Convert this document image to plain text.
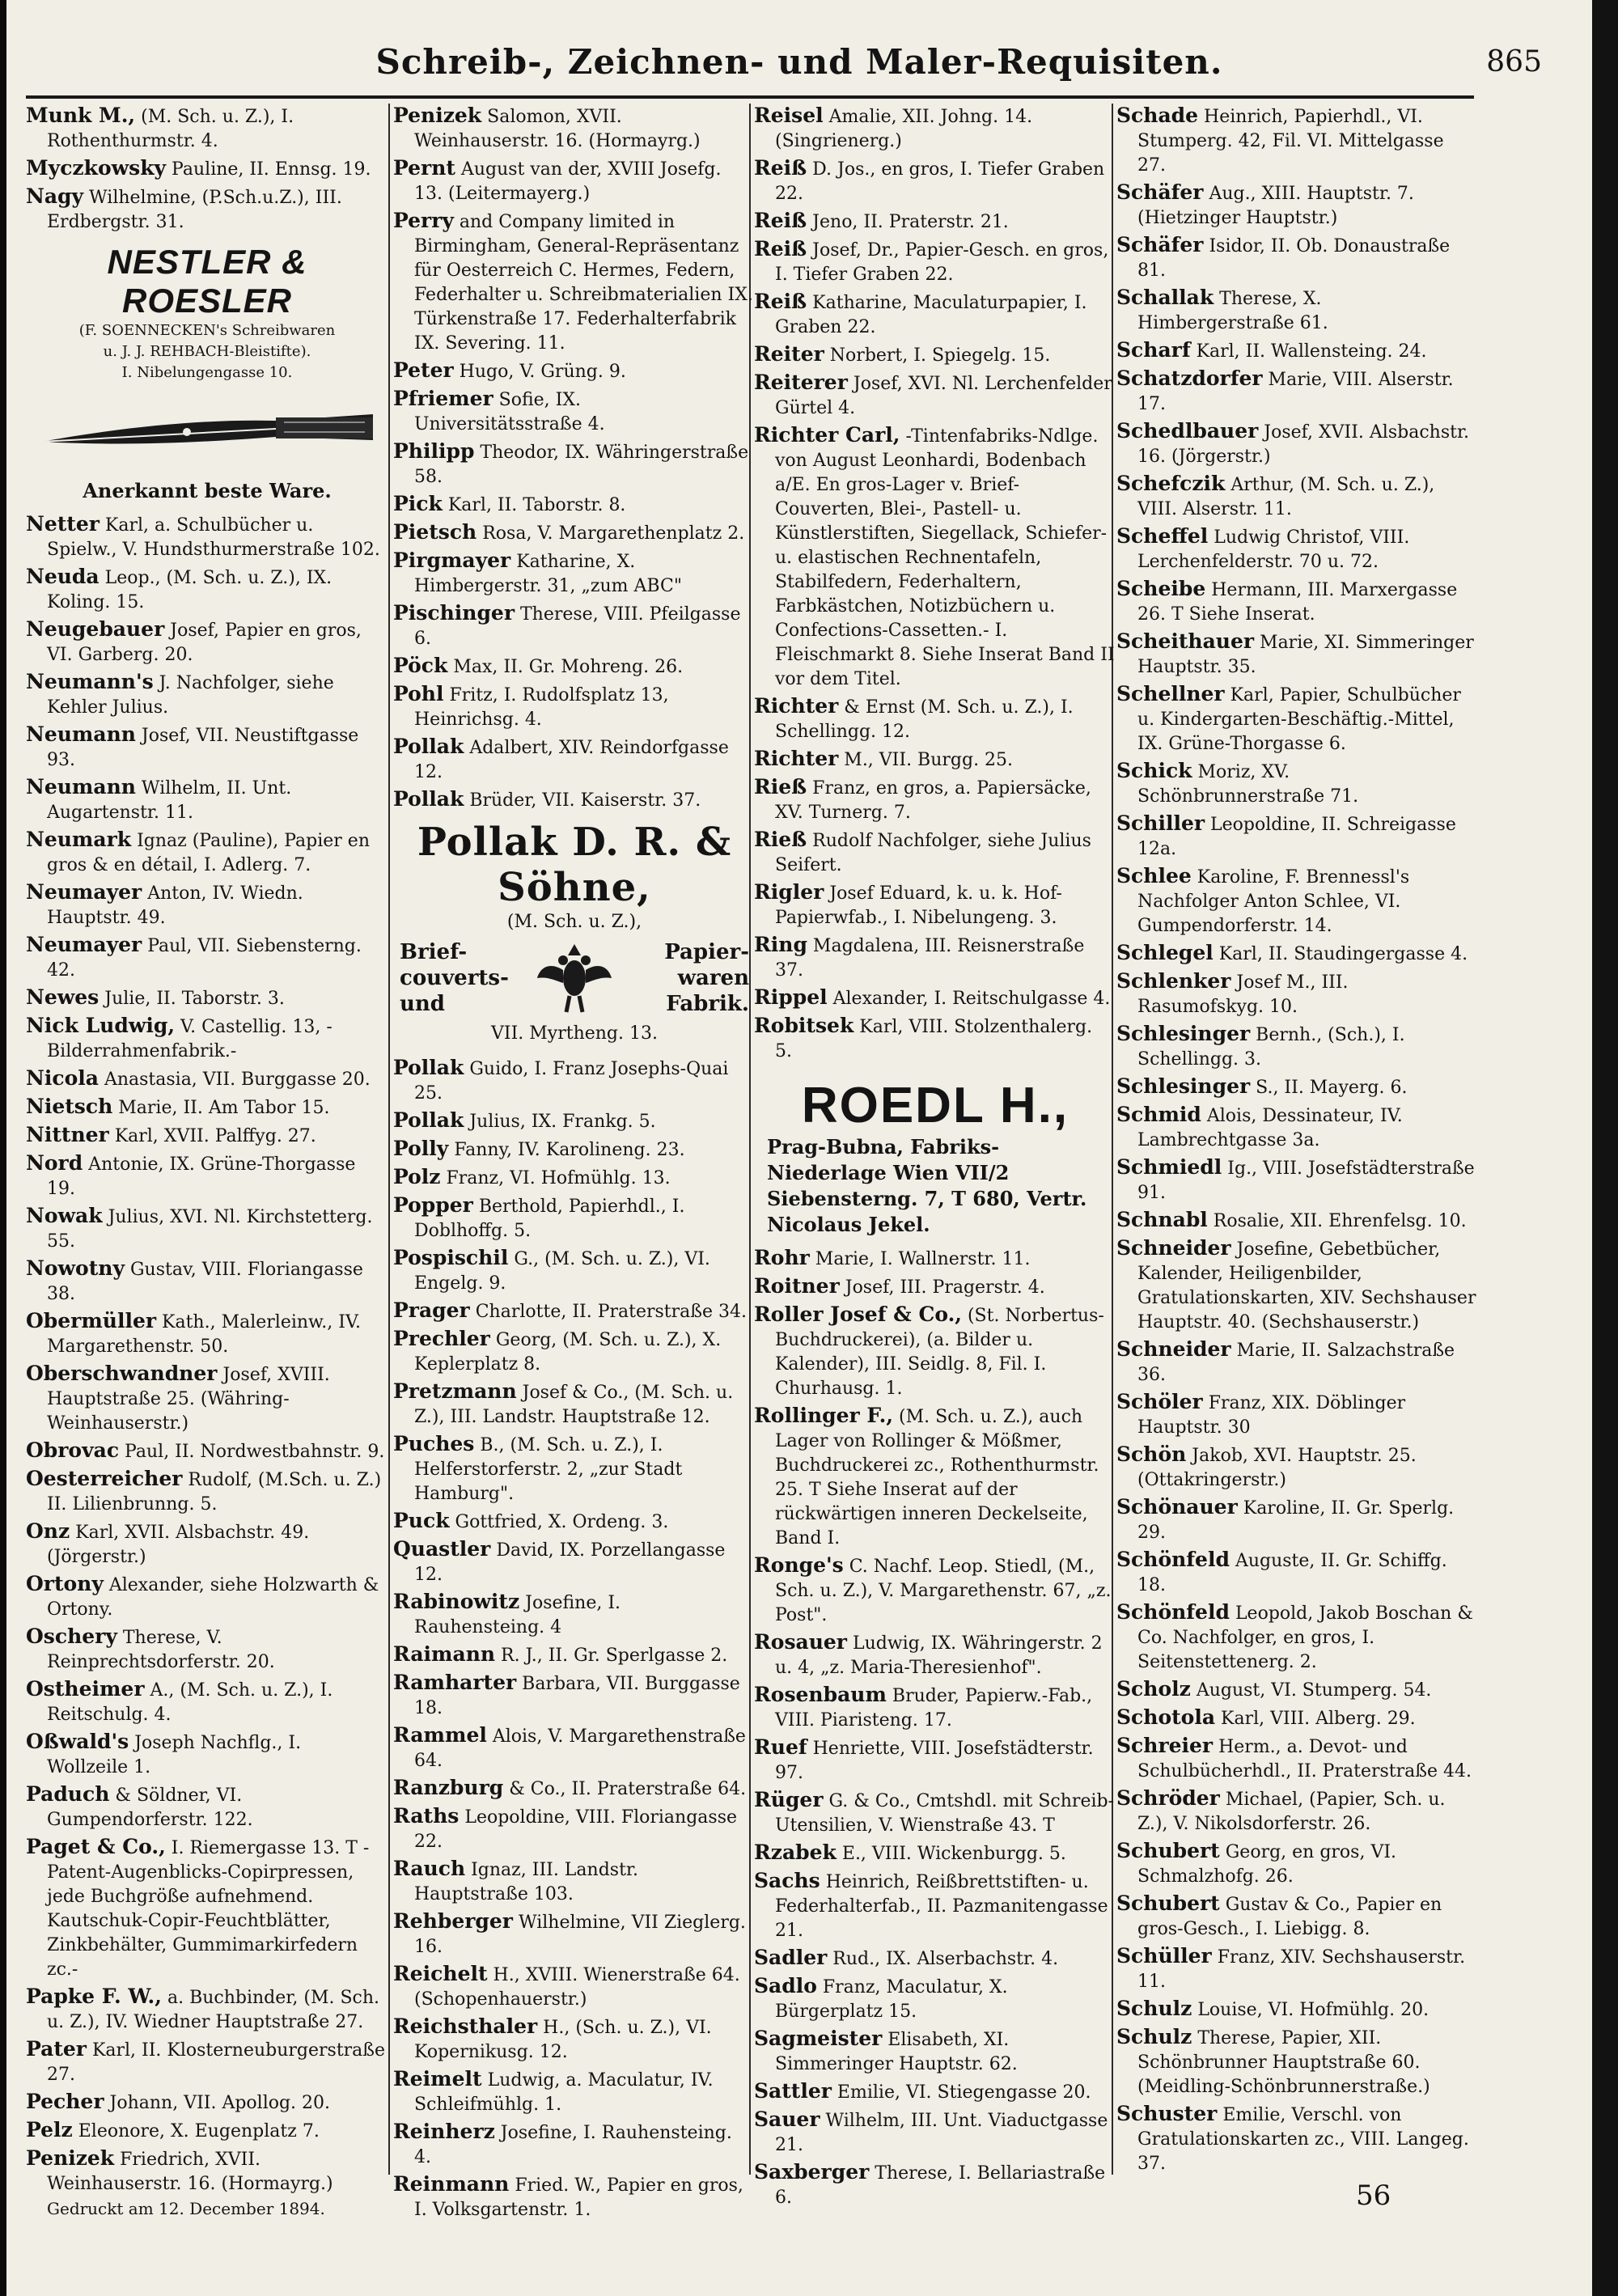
Schreib-, Zeichnen- und Maler-Requisiten.	865

Munk M., (M. Sch. u. Z.), I. Rothenthurmstr. 4.

Myczkowsky Pauline, II. Ennsg. 19.

Nagy Wilhelmine, (P.Sch.u.Z.), III. Erdbergstr. 31.

NESTLER & ROESLER
(F. SOENNECKEN's Schreibwaren
u. J. J. REHBACH-Bleistifte).
I. Nibelungengasse 10.
Anerkannt beste Ware.

Netter Karl, a. Schulbücher u. Spielw., V. Hundsthurmerstraße 102.

Neuda Leop., (M. Sch. u. Z.), IX. Koling. 15.

Neugebauer Josef, Papier en gros, VI. Garberg. 20.

Neumann's J. Nachfolger, siehe Kehler Julius.

Neumann Josef, VII. Neustiftgasse 93.

Neumann Wilhelm, II. Unt. Augartenstr. 11.

Neumark Ignaz (Pauline), Papier en gros & en détail, I. Adlerg. 7.

Neumayer Anton, IV. Wiedn. Hauptstr. 49.

Neumayer Paul, VII. Siebensterng. 42.

Newes Julie, II. Taborstr. 3.

Nick Ludwig, V. Castellig. 13, -Bilderrahmenfabrik.-

Nicola Anastasia, VII. Burggasse 20.

Nietsch Marie, II. Am Tabor 15.

Nittner Karl, XVII. Palffyg. 27.

Nord Antonie, IX. Grüne-Thorgasse 19.

Nowak Julius, XVI. Nl. Kirchstetterg. 55.

Nowotny Gustav, VIII. Floriangasse 38.

Obermüller Kath., Malerleinw., IV. Margarethenstr. 50.

Oberschwandner Josef, XVIII. Hauptstraße 25. (Währing-Weinhauserstr.)

Obrovac Paul, II. Nordwestbahnstr. 9.

Oesterreicher Rudolf, (M.Sch. u. Z.) II. Lilienbrunng. 5.

Onz Karl, XVII. Alsbachstr. 49. (Jörgerstr.)

Ortony Alexander, siehe Holzwarth & Ortony.

Oschery Therese, V. Reinprechtsdorferstr. 20.

Ostheimer A., (M. Sch. u. Z.), I. Reitschulg. 4.

Oßwald's Joseph Nachflg., I. Wollzeile 1.

Paduch & Söldner, VI. Gumpendorferstr. 122.

Paget & Co., I. Riemergasse 13. T -Patent-Augenblicks-Copirpressen, jede Buchgröße aufnehmend. Kautschuk-Copir-Feuchtblätter, Zinkbehälter, Gummimarkirfedern zc.-

Papke F. W., a. Buchbinder, (M. Sch. u. Z.), IV. Wiedner Hauptstraße 27.

Pater Karl, II. Klosterneuburgerstraße 27.

Pecher Johann, VII. Apollog. 20.

Pelz Eleonore, X. Eugenplatz 7.

Penizek Friedrich, XVII. Weinhauserstr. 16. (Hormayrg.)

Penizek Salomon, XVII. Weinhauserstr. 16. (Hormayrg.)

Pernt August van der, XVIII Josefg. 13. (Leitermayerg.)

Perry and Company limited in Birmingham, General-Repräsentanz für Oesterreich C. Hermes, Federn, Federhalter u. Schreibmaterialien IX. Türkenstraße 17. Federhalterfabrik IX. Severing. 11.

Peter Hugo, V. Grüng. 9.

Pfriemer Sofie, IX. Universitätsstraße 4.

Philipp Theodor, IX. Währingerstraße 58.

Pick Karl, II. Taborstr. 8.

Pietsch Rosa, V. Margarethenplatz 2.

Pirgmayer Katharine, X. Himbergerstr. 31, „zum ABC"

Pischinger Therese, VIII. Pfeilgasse 6.

Pöck Max, II. Gr. Mohreng. 26.

Pohl Fritz, I. Rudolfsplatz 13, Heinrichsg. 4.

Pollak Adalbert, XIV. Reindorfgasse 12.

Pollak Brüder, VII. Kaiserstr. 37.

Pollak D. R. & Söhne,
(M. Sch. u. Z.),
Brief-
couverts-
und
Papier-
waren
Fabrik.
VII. Myrtheng. 13.

Pollak Guido, I. Franz Josephs-Quai 25.

Pollak Julius, IX. Frankg. 5.

Polly Fanny, IV. Karolineng. 23.

Polz Franz, VI. Hofmühlg. 13.

Popper Berthold, Papierhdl., I. Doblhoffg. 5.

Pospischil G., (M. Sch. u. Z.), VI. Engelg. 9.

Prager Charlotte, II. Praterstraße 34.

Prechler Georg, (M. Sch. u. Z.), X. Keplerplatz 8.

Pretzmann Josef & Co., (M. Sch. u. Z.), III. Landstr. Hauptstraße 12.

Puches B., (M. Sch. u. Z.), I. Helferstorferstr. 2, „zur Stadt Hamburg".

Puck Gottfried, X. Ordeng. 3.

Quastler David, IX. Porzellangasse 12.

Rabinowitz Josefine, I. Rauhensteing. 4

Raimann R. J., II. Gr. Sperlgasse 2.

Ramharter Barbara, VII. Burggasse 18.

Rammel Alois, V. Margarethenstraße 64.

Ranzburg & Co., II. Praterstraße 64.

Raths Leopoldine, VIII. Floriangasse 22.

Rauch Ignaz, III. Landstr. Hauptstraße 103.

Rehberger Wilhelmine, VII Zieglerg. 16.

Reichelt H., XVIII. Wienerstraße 64. (Schopenhauerstr.)

Reichsthaler H., (Sch. u. Z.), VI. Kopernikusg. 12.

Reimelt Ludwig, a. Maculatur, IV. Schleifmühlg. 1.

Reinherz Josefine, I. Rauhensteing. 4.

Reinmann Fried. W., Papier en gros, I. Volksgartenstr. 1.

Reisel Amalie, XII. Johng. 14. (Singrienerg.)

Reiß D. Jos., en gros, I. Tiefer Graben 22.

Reiß Jeno, II. Praterstr. 21.

Reiß Josef, Dr., Papier-Gesch. en gros, I. Tiefer Graben 22.

Reiß Katharine, Maculaturpapier, I. Graben 22.

Reiter Norbert, I. Spiegelg. 15.

Reiterer Josef, XVI. Nl. Lerchenfelder Gürtel 4.

Richter Carl, -Tintenfabriks-Ndlge. von August Leonhardi, Bodenbach a/E. En gros-Lager v. Brief-Couverten, Blei-, Pastell- u. Künstlerstiften, Siegellack, Schiefer- u. elastischen Rechnentafeln, Stabilfedern, Federhaltern, Farbkästchen, Notizbüchern u. Confections-Cassetten.- I. Fleischmarkt 8. Siehe Inserat Band II vor dem Titel.

Richter & Ernst (M. Sch. u. Z.), I. Schellingg. 12.

Richter M., VII. Burgg. 25.

Rieß Franz, en gros, a. Papiersäcke, XV. Turnerg. 7.

Rieß Rudolf Nachfolger, siehe Julius Seifert.

Rigler Josef Eduard, k. u. k. Hof-Papierwfab., I. Nibelungeng. 3.

Ring Magdalena, III. Reisnerstraße 37.

Rippel Alexander, I. Reitschulgasse 4.

Robitsek Karl, VIII. Stolzenthalerg. 5.

ROEDL H.,
Prag-Bubna, Fabriks-Niederlage Wien VII/2 Siebensterng. 7, T 680, Vertr. Nicolaus Jekel.

Rohr Marie, I. Wallnerstr. 11.

Roitner Josef, III. Pragerstr. 4.

Roller Josef & Co., (St. Norbertus-Buchdruckerei), (a. Bilder u. Kalender), III. Seidlg. 8, Fil. I. Churhausg. 1.

Rollinger F., (M. Sch. u. Z.), auch Lager von Rollinger & Mößmer, Buchdruckerei zc., Rothenthurmstr. 25. T Siehe Inserat auf der rückwärtigen inneren Deckelseite, Band I.

Ronge's C. Nachf. Leop. Stiedl, (M., Sch. u. Z.), V. Margarethenstr. 67, „z. Post".

Rosauer Ludwig, IX. Währingerstr. 2 u. 4, „z. Maria-Theresienhof".

Rosenbaum Bruder, Papierw.-Fab., VIII. Piaristeng. 17.

Ruef Henriette, VIII. Josefstädterstr. 97.

Rüger G. & Co., Cmtshdl. mit Schreib-Utensilien, V. Wienstraße 43. T

Rzabek E., VIII. Wickenburgg. 5.

Sachs Heinrich, Reißbrettstiften- u. Federhalterfab., II. Pazmanitengasse 21.

Sadler Rud., IX. Alserbachstr. 4.

Sadlo Franz, Maculatur, X. Bürgerplatz 15.

Sagmeister Elisabeth, XI. Simmeringer Hauptstr. 62.

Sattler Emilie, VI. Stiegengasse 20.

Sauer Wilhelm, III. Unt. Viaductgasse 21.

Saxberger Therese, I. Bellariastraße 6.

Schade Heinrich, Papierhdl., VI. Stumperg. 42, Fil. VI. Mittelgasse 27.

Schäfer Aug., XIII. Hauptstr. 7. (Hietzinger Hauptstr.)

Schäfer Isidor, II. Ob. Donaustraße 81.

Schallak Therese, X. Himbergerstraße 61.

Scharf Karl, II. Wallensteing. 24.

Schatzdorfer Marie, VIII. Alserstr. 17.

Schedlbauer Josef, XVII. Alsbachstr. 16. (Jörgerstr.)

Schefczik Arthur, (M. Sch. u. Z.), VIII. Alserstr. 11.

Scheffel Ludwig Christof, VIII. Lerchenfelderstr. 70 u. 72.

Scheibe Hermann, III. Marxergasse 26. T Siehe Inserat.

Scheithauer Marie, XI. Simmeringer Hauptstr. 35.

Schellner Karl, Papier, Schulbücher u. Kindergarten-Beschäftig.-Mittel, IX. Grüne-Thorgasse 6.

Schick Moriz, XV. Schönbrunnerstraße 71.

Schiller Leopoldine, II. Schreigasse 12a.

Schlee Karoline, F. Brennessl's Nachfolger Anton Schlee, VI. Gumpendorferstr. 14.

Schlegel Karl, II. Staudingergasse 4.

Schlenker Josef M., III. Rasumofskyg. 10.

Schlesinger Bernh., (Sch.), I. Schellingg. 3.

Schlesinger S., II. Mayerg. 6.

Schmid Alois, Dessinateur, IV. Lambrechtgasse 3a.

Schmiedl Ig., VIII. Josefstädterstraße 91.

Schnabl Rosalie, XII. Ehrenfelsg. 10.

Schneider Josefine, Gebetbücher, Kalender, Heiligenbilder, Gratulationskarten, XIV. Sechshauser Hauptstr. 40. (Sechshauserstr.)

Schneider Marie, II. Salzachstraße 36.

Schöler Franz, XIX. Döblinger Hauptstr. 30

Schön Jakob, XVI. Hauptstr. 25. (Ottakringerstr.)

Schönauer Karoline, II. Gr. Sperlg. 29.

Schönfeld Auguste, II. Gr. Schiffg. 18.

Schönfeld Leopold, Jakob Boschan & Co. Nachfolger, en gros, I. Seitenstettenerg. 2.

Scholz August, VI. Stumperg. 54.

Schotola Karl, VIII. Alberg. 29.

Schreier Herm., a. Devot- und Schulbücherhdl., II. Praterstraße 44.

Schröder Michael, (Papier, Sch. u. Z.), V. Nikolsdorferstr. 26.

Schubert Georg, en gros, VI. Schmalzhofg. 26.

Schubert Gustav & Co., Papier en gros-Gesch., I. Liebigg. 8.

Schüller Franz, XIV. Sechshauserstr. 11.

Schulz Louise, VI. Hofmühlg. 20.

Schulz Therese, Papier, XII. Schönbrunner Hauptstraße 60. (Meidling-Schönbrunnerstraße.)

Schuster Emilie, Verschl. von Gratulationskarten zc., VIII. Langeg. 37.

Gedruckt am 12. December 1894.	56
